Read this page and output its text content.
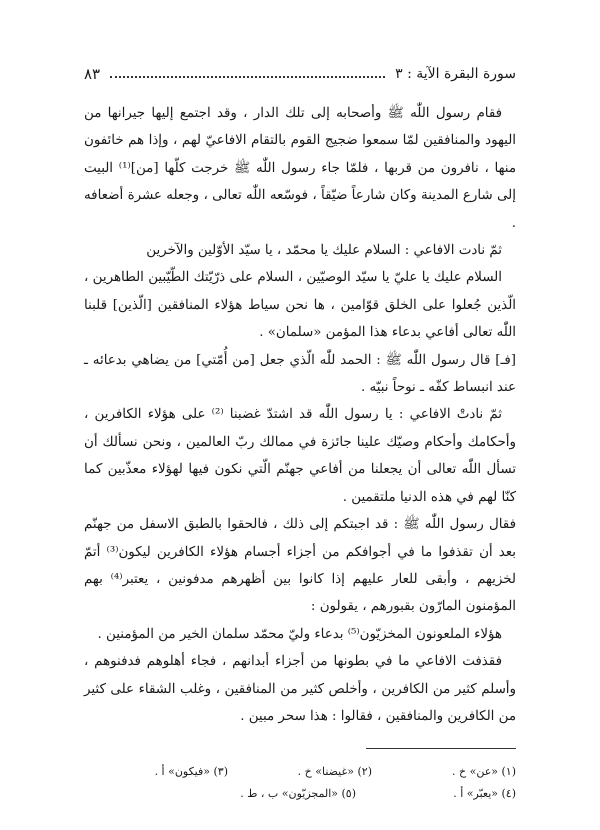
سورة البقرة الآية : ٣
٨٣

فقام رسول اللّٰه ﷺ وأصحابه إلى تلك الدار ، وقد اجتمع إليها جيرانها من اليهود والمنافقين لمّا سمعوا ضجيج القوم بالتقام الافاعيّ لهم ، وإذا هم خائفون منها ، نافرون من قربها ، فلمّا جاء رسول اللّٰه ﷺ خرجت كلّها [من]⁽¹⁾ البيت إلى شارع المدينة وكان شارعاً ضيّقاً ، فوسّعه اللّٰه تعالى ، وجعله عشرة أضعافه .

ثمّ نادت الافاعي : السلام عليك يا محمّد ، يا سيّد الأوّلين والآخرين

السلام عليك يا عليّ يا سيّد الوصيّين ، السلام على ذرّيّتك الطّيّبين الطاهرين ، الّذين جُعلوا على الخلق قوّامين ، ها نحن سياط هؤلاء المنافقين [الّذين] قلبنا اللّٰه تعالى أفاعي بدعاء هذا المؤمن «سلمان» .

[فـ] قال رسول اللّٰه ﷺ : الحمد للّٰه الّذي جعل [من أُمّتي] من يضاهي بدعائه ـ عند انبساط كفّه ـ نوحاً نبيّه .

ثمّ نادتْ الافاعي : يا رسول اللّٰه قد اشتدّ غضبنا ⁽²⁾ على هؤلاء الكافرين ، وأحكامك وأحكام وصيّك علينا جائزة في ممالك ربّ العالمين ، ونحن نسألك أن تسأل اللّٰه تعالى أن يجعلنا من أفاعي جهنّم الّتي نكون فيها لهؤلاء معذّبين كما كنّا لهم في هذه الدنيا ملتقمين .

فقال رسول اللّٰه ﷺ : قد اجبتكم إلى ذلك ، فالحقوا بالطبق الاسفل من جهنّم بعد أن تقذفوا ما في أجوافكم من أجزاء أجسام هؤلاء الكافرين ليكون⁽³⁾ أتمّ لخزيهم ، وأبقى للعار عليهم إذا كانوا بين أظهرهم مدفونين ، يعتبر⁽⁴⁾ بهم المؤمنون المارّون بقبورهم ، يقولون :

هؤلاء الملعونون المخزيّون⁽⁵⁾ بدعاء وليّ محمّد سلمان الخير من المؤمنين .

فقذفت الافاعي ما في بطونها من أجزاء أبدانهم ، فجاء أهلوهم فدفنوهم ، وأسلم كثير من الكافرين ، وأخلص كثير من المنافقين ، وغلب الشقاء على كثير من الكافرين والمنافقين ، فقالوا : هذا سحر مبين .

(١) «عن» خ .
(٢) «غيضنا» خ .
(٣) «فيكون» أ .
(٤) «يعبّر» أ .
(٥) «المجزيّون» ب ، ط .
